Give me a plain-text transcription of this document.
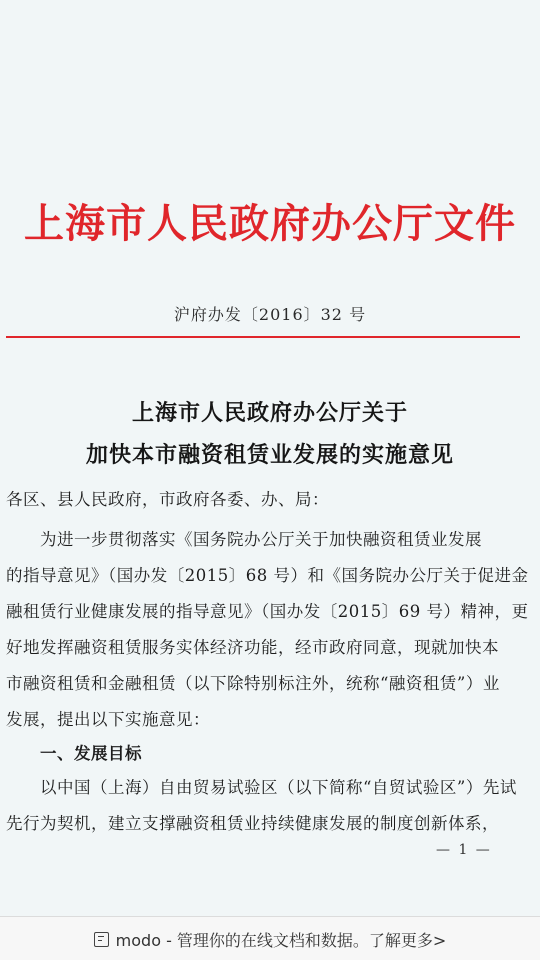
上海市人民政府办公厅文件
沪府办发〔2016〕32 号
上海市人民政府办公厅关于
加快本市融资租赁业发展的实施意见
各区、县人民政府，市政府各委、办、局：
为进一步贯彻落实《国务院办公厅关于加快融资租赁业发展
的指导意见》（国办发〔2015〕68 号）和《国务院办公厅关于促进金
融租赁行业健康发展的指导意见》（国办发〔2015〕69 号）精神，更
好地发挥融资租赁服务实体经济功能，经市政府同意，现就加快本
市融资租赁和金融租赁（以下除特别标注外，统称“融资租赁”）业
发展，提出以下实施意见：
一、发展目标
以中国（上海）自由贸易试验区（以下简称“自贸试验区”）先试
先行为契机，建立支撑融资租赁业持续健康发展的制度创新体系，
— 1 —
modo - 管理你的在线文档和数据。了解更多>
